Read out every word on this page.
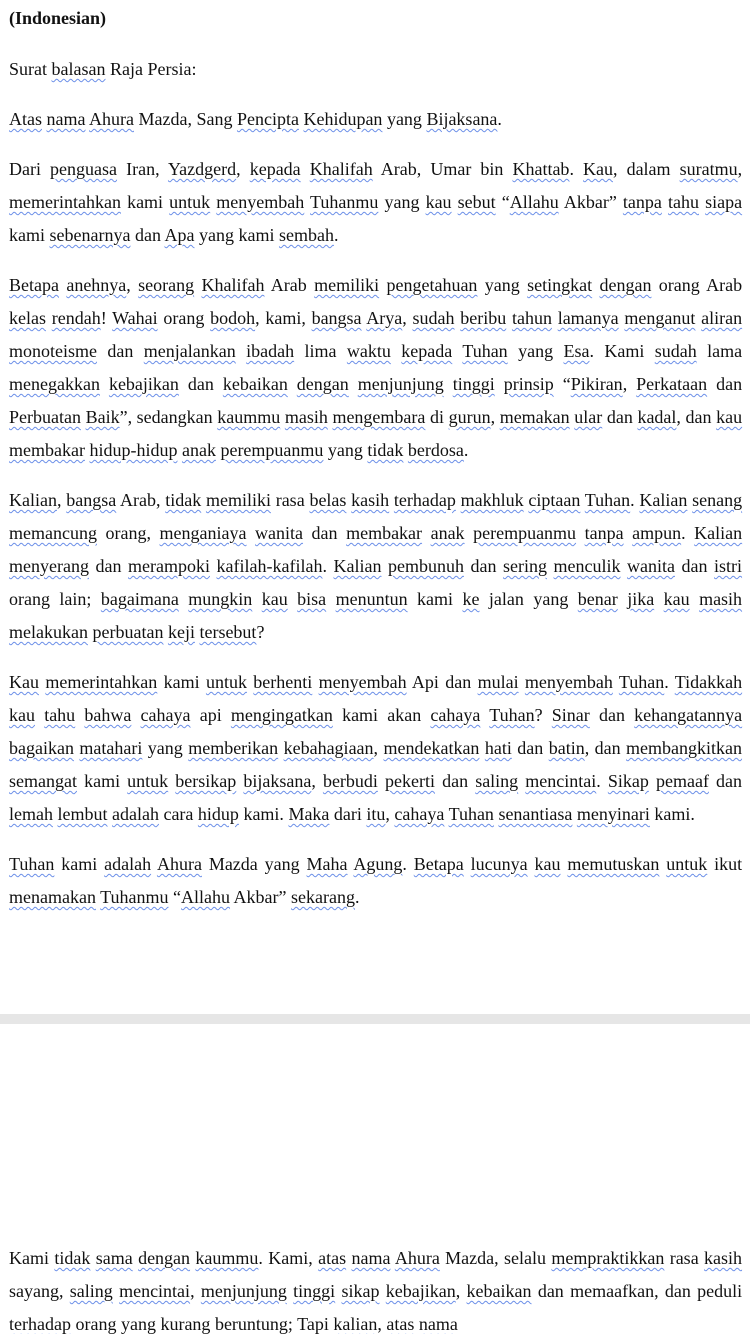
(Indonesian)

Surat balasan Raja Persia:

Atas nama Ahura Mazda, Sang Pencipta Kehidupan yang Bijaksana.

Dari penguasa Iran, Yazdgerd, kepada Khalifah Arab, Umar bin Khattab. Kau, dalam suratmu, memerintahkan kami untuk menyembah Tuhanmu yang kau sebut “Allahu Akbar” tanpa tahu siapa kami sebenarnya dan Apa yang kami sembah.

Betapa anehnya, seorang Khalifah Arab memiliki pengetahuan yang setingkat dengan orang Arab kelas rendah! Wahai orang bodoh, kami, bangsa Arya, sudah beribu tahun lamanya menganut aliran monoteisme dan menjalankan ibadah lima waktu kepada Tuhan yang Esa. Kami sudah lama menegakkan kebajikan dan kebaikan dengan menjunjung tinggi prinsip “Pikiran, Perkataan dan Perbuatan Baik”, sedangkan kaummu masih mengembara di gurun, memakan ular dan kadal, dan kau membakar hidup-hidup anak perempuanmu yang tidak berdosa.

Kalian, bangsa Arab, tidak memiliki rasa belas kasih terhadap makhluk ciptaan Tuhan. Kalian senang memancung orang, menganiaya wanita dan membakar anak perempuanmu tanpa ampun. Kalian menyerang dan merampoki kafilah-kafilah. Kalian pembunuh dan sering menculik wanita dan istri orang lain; bagaimana mungkin kau bisa menuntun kami ke jalan yang benar jika kau masih melakukan perbuatan keji tersebut?

Kau memerintahkan kami untuk berhenti menyembah Api dan mulai menyembah Tuhan. Tidakkah kau tahu bahwa cahaya api mengingatkan kami akan cahaya Tuhan? Sinar dan kehangatannya bagaikan matahari yang memberikan kebahagiaan, mendekatkan hati dan batin, dan membangkitkan semangat kami untuk bersikap bijaksana, berbudi pekerti dan saling mencintai. Sikap pemaaf dan lemah lembut adalah cara hidup kami. Maka dari itu, cahaya Tuhan senantiasa menyinari kami.

Tuhan kami adalah Ahura Mazda yang Maha Agung. Betapa lucunya kau memutuskan untuk ikut menamakan Tuhanmu “Allahu Akbar” sekarang.

Kami tidak sama dengan kaummu. Kami, atas nama Ahura Mazda, selalu mempraktikkan rasa kasih sayang, saling mencintai, menjunjung tinggi sikap kebajikan, kebaikan dan memaafkan, dan peduli terhadap orang yang kurang beruntung; Tapi kalian, atas nama
